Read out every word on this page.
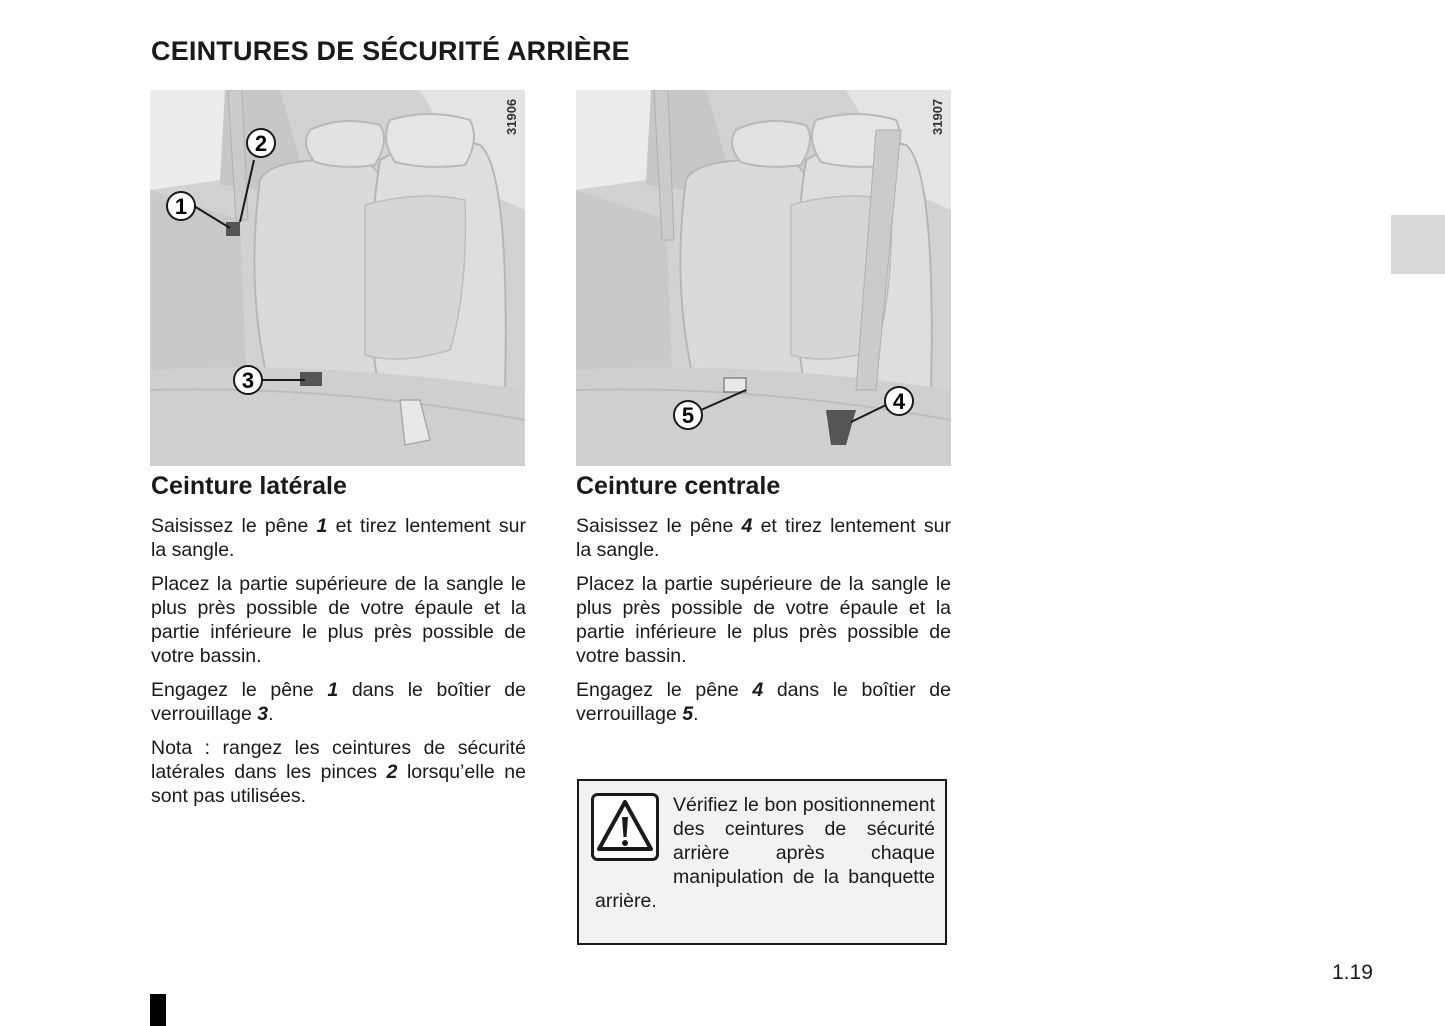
CEINTURES DE SÉCURITÉ ARRIÈRE
31906
1
2
3
31907
4
5
Ceinture latérale

Saisissez le pêne 1 et tirez lentement sur la sangle.

Placez la partie supérieure de la sangle le plus près possible de votre épaule et la partie inférieure le plus près possible de votre bassin.

Engagez le pêne 1 dans le boîtier de verrouillage 3.

Nota : rangez les ceintures de sécurité latérales dans les pinces 2 lorsqu’elle ne sont pas utilisées.

Ceinture centrale

Saisissez le pêne 4 et tirez lentement sur la sangle.

Placez la partie supérieure de la sangle le plus près possible de votre épaule et la partie inférieure le plus près possible de votre bassin.

Engagez le pêne 4 dans le boîtier de verrouillage 5.

Vérifiez le bon positionnement des ceintures de sécurité arrière après chaque manipulation de la banquette arrière.

1.19
